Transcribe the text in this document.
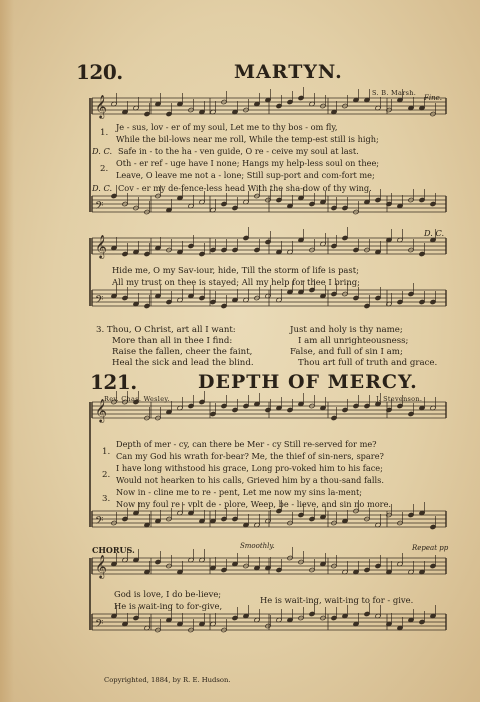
𝄞
𝄢
𝄞
𝄢
𝄞
𝄢
𝄞
𝄢
120.	MARTYN.
S. B. Marsh.
Fine.
1.
Je - sus, lov - er of my soul, Let me to thy bos - om fly,
While the bil-lows near me roll, While the temp-est still is high;
D. C. Safe in - to the ha - ven guide, O re - ceive my soul at last.
2.
Oth - er ref - uge have I none; Hangs my help-less soul on thee;
Leave, O leave me not a - lone; Still sup-port and com-fort me;
D. C. Cov - er my de-fence-less head With the sha-dow of thy wing.
D. C.
Hide me, O my Sav-iour, hide, Till the storm of life is past;
All my trust on thee is stayed; All my help for thee I bring;
3. Thou, O Christ, art all I want:
More than all in thee I find:
Raise the fallen, cheer the faint,
Heal the sick and lead the blind.
Just and holy is thy name;
I am all unrighteousness;
False, and full of sin I am;
Thou art full of truth and grace.
121.	DEPTH OF MERCY.
Rev. Chas. Wesley.	J. Stevenson.
1.
Depth of mer - cy, can there be Mer - cy Still re-served for me?
Can my God his wrath for-bear? Me, the thief of sin-ners, spare?
2.
I have long withstood his grace, Long pro-voked him to his face;
Would not hearken to his calls, Grieved him by a thou-sand falls.
3.
Now in - cline me to re - pent, Let me now my sins la-ment;
Now my foul re - volt de - plore, Weep, be - lieve, and sin no more.
CHORUS.	Smoothly.	Repeat pp
God is love, I do be-lieve;
He is wait-ing to for-give,
He is wait-ing, wait-ing to for - give.
Copyrighted, 1884, by R. E. Hudson.
